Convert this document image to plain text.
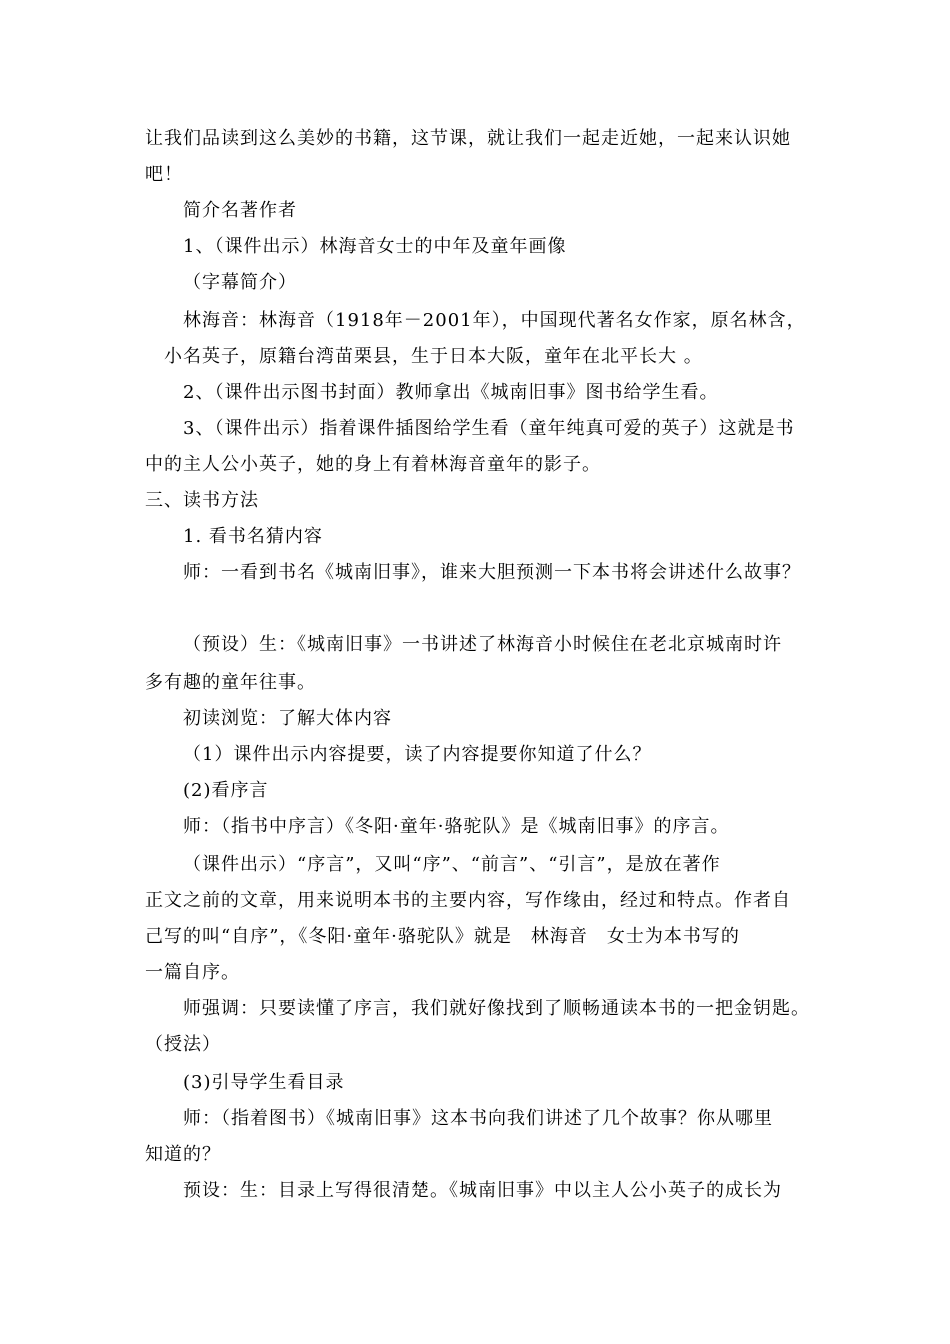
让我们品读到这么美妙的书籍，这节课，就让我们一起走近她，一起来认识她
吧！
简介名著作者
1、（课件出示）林海音女士的中年及童年画像
（字幕简介）
林海音：林海音（1918年－2001年），中国现代著名女作家，原名林含，
小名英子，原籍台湾苗栗县，生于日本大阪，童年在北平长大 。
2、（课件出示图书封面）教师拿出《城南旧事》图书给学生看。
3、（课件出示）指着课件插图给学生看（童年纯真可爱的英子）这就是书
中的主人公小英子，她的身上有着林海音童年的影子。
三、读书方法
1. 看书名猜内容
师：一看到书名《城南旧事》，谁来大胆预测一下本书将会讲述什么故事？
（预设）生：《城南旧事》一书讲述了林海音小时候住在老北京城南时许
多有趣的童年往事。
初读浏览：了解大体内容
（1）课件出示内容提要，读了内容提要你知道了什么？
(2)看序言
师：（指书中序言）《冬阳·童年·骆驼队》是《城南旧事》的序言。
（课件出示）“序言”，又叫“序”、“前言”、“引言”，是放在著作
正文之前的文章，用来说明本书的主要内容，写作缘由，经过和特点。作者自
己写的叫“自序”，《冬阳·童年·骆驼队》就是　林海音　女士为本书写的
一篇自序。
师强调：只要读懂了序言，我们就好像找到了顺畅通读本书的一把金钥匙。
（授法）
(3)引导学生看目录
师：（指着图书）《城南旧事》这本书向我们讲述了几个故事？你从哪里
知道的？
预设：生：目录上写得很清楚。《城南旧事》中以主人公小英子的成长为
